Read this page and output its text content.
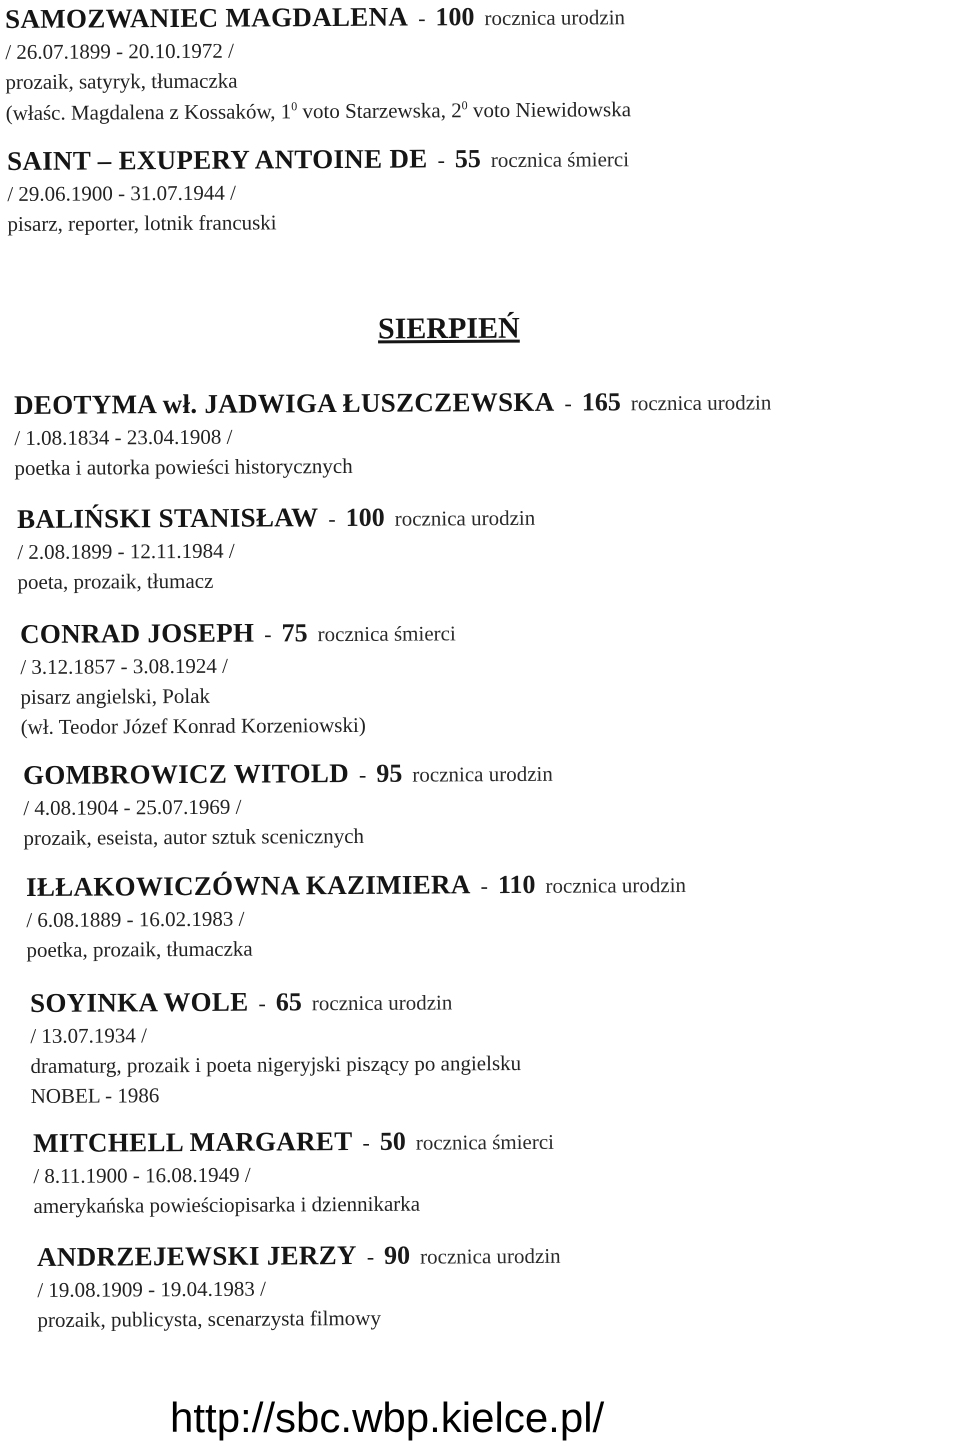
SAMOZWANIEC MAGDALENA - 100 rocznica urodzin
/ 26.07.1899 - 20.10.1972 /
prozaik, satyryk, tłumaczka
(właśc. Magdalena z Kossaków, $1^0$ voto Starzewska, $2^0$ voto Niewidowska
SAINT – EXUPERY ANTOINE DE - 55 rocznica śmierci
/ 29.06.1900 - 31.07.1944 /
pisarz, reporter, lotnik francuski
SIERPIEŃ
DEOTYMA wł. JADWIGA ŁUSZCZEWSKA - 165 rocznica urodzin
/ 1.08.1834 - 23.04.1908 /
poetka i autorka powieści historycznych
BALIŃSKI STANISŁAW - 100 rocznica urodzin
/ 2.08.1899 - 12.11.1984 /
poeta, prozaik, tłumacz
CONRAD JOSEPH - 75 rocznica śmierci
/ 3.12.1857 - 3.08.1924 /
pisarz angielski, Polak
(wł. Teodor Józef Konrad Korzeniowski)
GOMBROWICZ WITOLD - 95 rocznica urodzin
/ 4.08.1904 - 25.07.1969 /
prozaik, eseista, autor sztuk scenicznych
IŁŁAKOWICZÓWNA KAZIMIERA - 110 rocznica urodzin
/ 6.08.1889 - 16.02.1983 /
poetka, prozaik, tłumaczka
SOYINKA WOLE - 65 rocznica urodzin
/ 13.07.1934 /
dramaturg, prozaik i poeta nigeryjski piszący po angielsku
NOBEL - 1986
MITCHELL MARGARET - 50 rocznica śmierci
/ 8.11.1900 - 16.08.1949 /
amerykańska powieściopisarka i dziennikarka
ANDRZEJEWSKI JERZY - 90 rocznica urodzin
/ 19.08.1909 - 19.04.1983 /
prozaik, publicysta, scenarzysta filmowy
http://sbc.wbp.kielce.pl/
